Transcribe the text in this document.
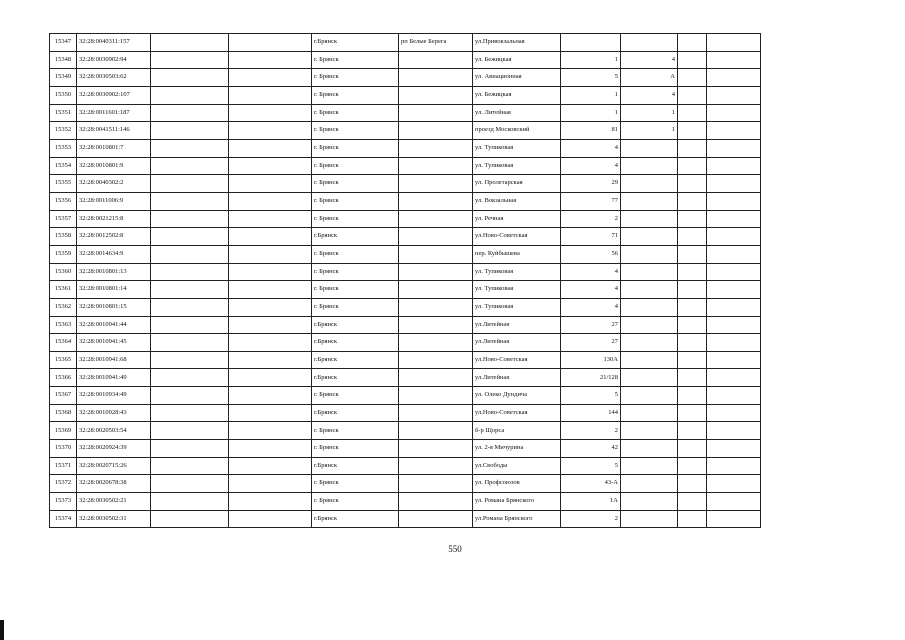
15347	32:28:0040311:157			г.Брянск	рп Белые Берега	ул.Привокзальная				
15348	32:28:0030902:94			г. Брянск		ул. Бежицкая	1	4		
15349	32:28:0030503:62			г. Брянск		ул. Авиационная	5	А		
15350	32:28:0030902:107			г. Брянск		ул. Бежицкая	1	4		
15351	32:28:0011601:187			г. Брянск		ул. Литейная	1	1		
15352	32:28:0041511:146			г. Брянск		проезд Московский	81	1		
15353	32:28:0010801:7			г. Брянск		ул. Тупиковая	4			
15354	32:28:0010801:9			г. Брянск		ул. Тупиковая	4			
15355	32:28:0040302:2			г. Брянск		ул. Пролетарская	29			
15356	32:28:0011006:9			г. Брянск		ул. Вокзальная	77			
15357	32:28:0021215:8			г. Брянск		ул. Речная	2			
15358	32:28:0012502:8			г.Брянск		ул.Ново-Советская	71			
15359	32:28:0014634:9			г. Брянск		пер. Куйбышева	56			
15360	32:28:0010801:13			г. Брянск		ул. Тупиковая	4			
15361	32:28:0010801:14			г. Брянск		ул. Тупиковая	4			
15362	32:28:0010801:15			г. Брянск		ул. Тупиковая	4			
15363	32:28:0010941:44			г.Брянск		ул.Литейная	27			
15364	32:28:0010941:45			г.Брянск		ул.Литейная	27			
15365	32:28:0010941:68			г.Брянск		ул.Ново-Советская	130А			
15366	32:28:0010941:49			г.Брянск		ул.Литейная	21/128			
15367	32:28:0010934:49			г. Брянск		ул. Олеко Дундича	5			
15368	32:28:0010928:43			г.Брянск		ул.Ново-Советская	144			
15369	32:28:0020503:54			г. Брянск		б-р Щорса	2			
15370	32:28:0020924:39			г. Брянск		ул. 2-я Мичурина	42			
15371	32:28:0020715:26			г.Брянск		ул.Свободы	5			
15372	32:28:0020678:38			г. Брянск		ул. Профсоюзов	43-А			
15373	32:28:0030502:21			г. Брянск		ул. Романа Брянского	1А			
15374	32:28:0030502:31			г.Брянск		ул.Романа Брянского	2			
550
